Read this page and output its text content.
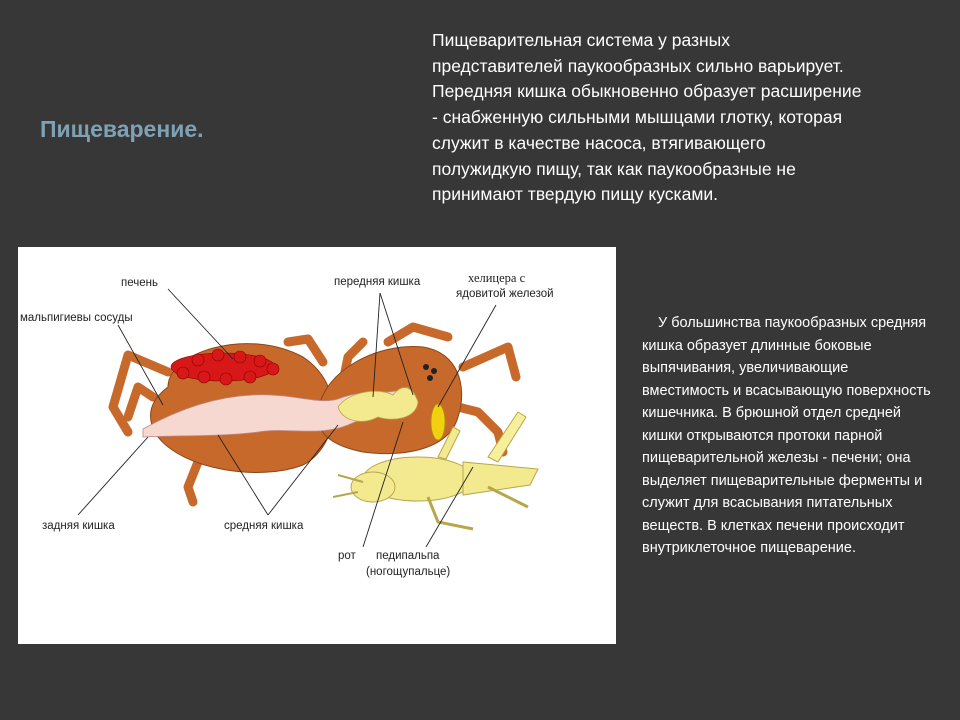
Пищеварение.

Пищеварительная система у разных представителей паукообразных сильно варьирует. Передняя кишка обыкновенно образует расширение - снабженную сильными мышцами глотку, которая служит в качестве насоса, втягивающего полужидкую пищу, так как паукообразные не принимают твердую пищу кусками.

печень
мальпигиевы сосуды
передняя кишка	хелицера с
ядовитой железой
задняя кишка	средняя кишка
рот педипальпа
(ногощупальце)

У большинства паукообразных средняя кишка образует длинные боковые выпячивания, увеличивающие вместимость и всасывающую поверхность кишечника. В брюшной отдел средней кишки открываются протоки парной пищеварительной железы - печени; она выделяет пищеварительные ферменты и служит для всасывания питательных веществ. В клетках печени происходит внутриклеточное пищеварение.
